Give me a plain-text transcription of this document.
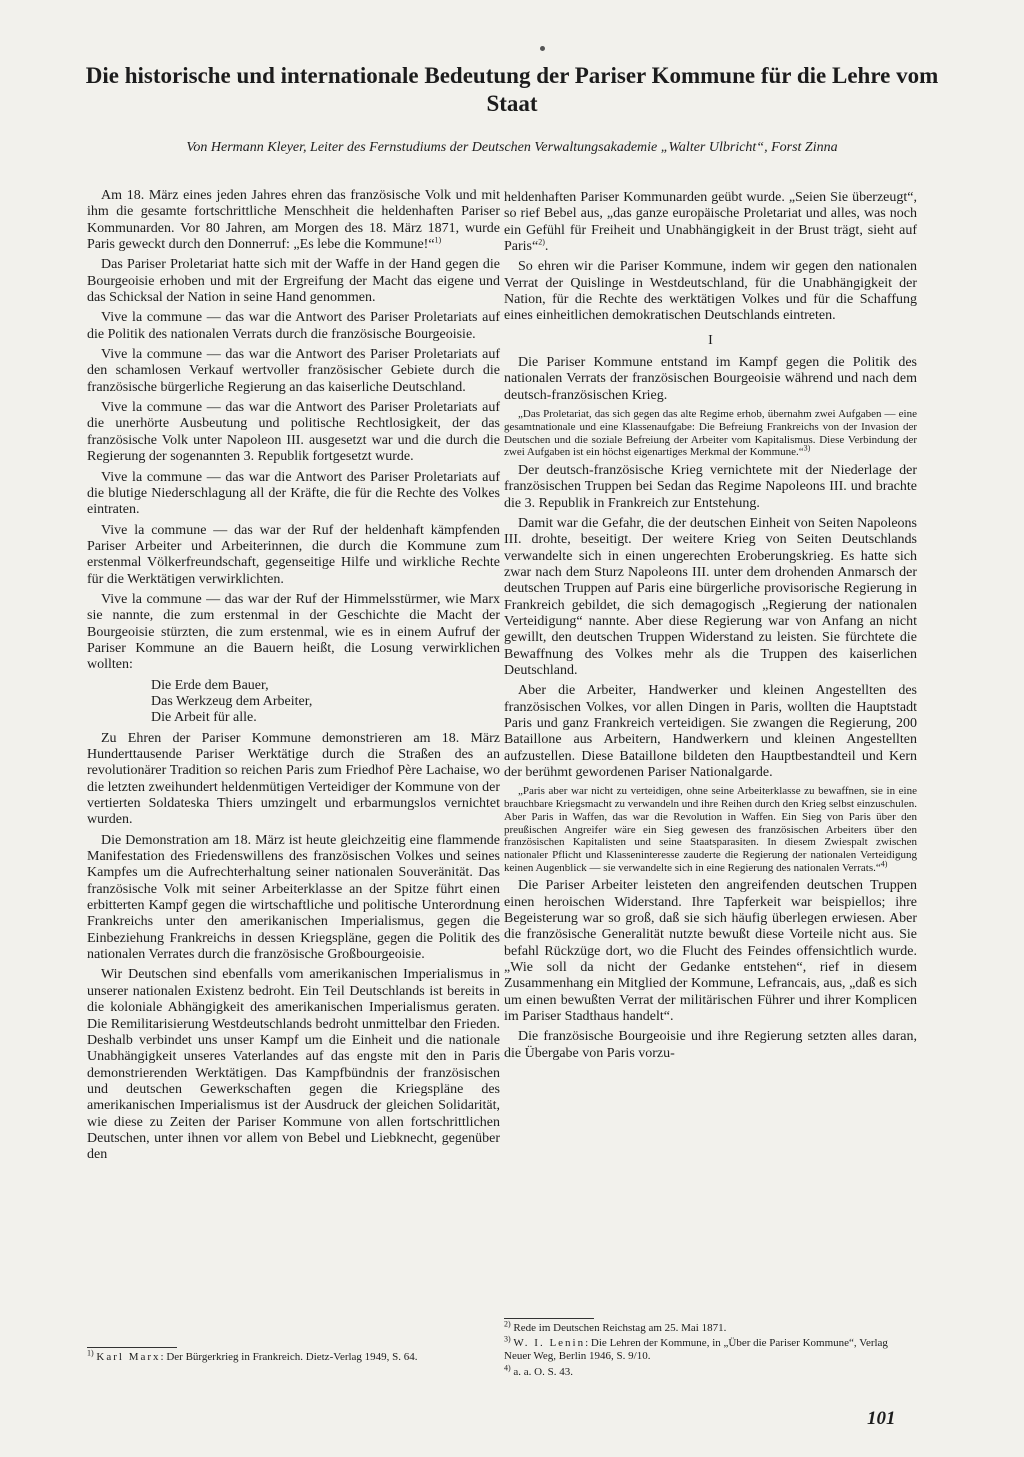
Die historische und internationale Bedeutung der Pariser Kommune für die Lehre vom Staat
Von Hermann Kleyer, Leiter des Fernstudiums der Deutschen Verwaltungsakademie „Walter Ulbricht“, Forst Zinna

Am 18. März eines jeden Jahres ehren das französische Volk und mit ihm die gesamte fortschrittliche Menschheit die heldenhaften Pariser Kommunarden. Vor 80 Jahren, am Morgen des 18. März 1871, wurde Paris geweckt durch den Donnerruf: „Es lebe die Kommune!“$^{1)}$

Das Pariser Proletariat hatte sich mit der Waffe in der Hand gegen die Bourgeoisie erhoben und mit der Ergreifung der Macht das eigene und das Schicksal der Nation in seine Hand genommen.

Vive la commune — das war die Antwort des Pariser Proletariats auf die Politik des nationalen Verrats durch die französische Bourgeoisie.

Vive la commune — das war die Antwort des Pariser Proletariats auf den schamlosen Verkauf wertvoller französischer Gebiete durch die französische bürgerliche Regierung an das kaiserliche Deutschland.

Vive la commune — das war die Antwort des Pariser Proletariats auf die unerhörte Ausbeutung und politische Rechtlosigkeit, der das französische Volk unter Napoleon III. ausgesetzt war und die durch die Regierung der sogenannten 3. Republik fortgesetzt wurde.

Vive la commune — das war die Antwort des Pariser Proletariats auf die blutige Niederschlagung all der Kräfte, die für die Rechte des Volkes eintraten.

Vive la commune — das war der Ruf der heldenhaft kämpfenden Pariser Arbeiter und Arbeiterinnen, die durch die Kommune zum erstenmal Völkerfreundschaft, gegenseitige Hilfe und wirkliche Rechte für die Werktätigen verwirklichten.

Vive la commune — das war der Ruf der Himmelsstürmer, wie Marx sie nannte, die zum erstenmal in der Geschichte die Macht der Bourgeoisie stürzten, die zum erstenmal, wie es in einem Aufruf der Pariser Kommune an die Bauern heißt, die Losung verwirklichen wollten:

Die Erde dem Bauer,
Das Werkzeug dem Arbeiter,
Die Arbeit für alle.

Zu Ehren der Pariser Kommune demonstrieren am 18. März Hunderttausende Pariser Werktätige durch die Straßen des an revolutionärer Tradition so reichen Paris zum Friedhof Père Lachaise, wo die letzten zweihundert heldenmütigen Verteidiger der Kommune von der vertierten Soldateska Thiers umzingelt und erbarmungslos vernichtet wurden.

Die Demonstration am 18. März ist heute gleichzeitig eine flammende Manifestation des Friedenswillens des französischen Volkes und seines Kampfes um die Aufrechterhaltung seiner nationalen Souveränität. Das französische Volk mit seiner Arbeiterklasse an der Spitze führt einen erbitterten Kampf gegen die wirtschaftliche und politische Unterordnung Frankreichs unter den amerikanischen Imperialismus, gegen die Einbeziehung Frankreichs in dessen Kriegspläne, gegen die Politik des nationalen Verrates durch die französische Großbourgeoisie.

Wir Deutschen sind ebenfalls vom amerikanischen Imperialismus in unserer nationalen Existenz bedroht. Ein Teil Deutschlands ist bereits in die koloniale Abhängigkeit des amerikanischen Imperialismus geraten. Die Remilitarisierung Westdeutschlands bedroht unmittelbar den Frieden. Deshalb verbindet uns unser Kampf um die Einheit und die nationale Unabhängigkeit unseres Vaterlandes auf das engste mit den in Paris demonstrierenden Werktätigen. Das Kampfbündnis der französischen und deutschen Gewerkschaften gegen die Kriegspläne des amerikanischen Imperialismus ist der Ausdruck der gleichen Solidarität, wie diese zu Zeiten der Pariser Kommune von allen fortschrittlichen Deutschen, unter ihnen vor allem von Bebel und Liebknecht, gegenüber den

$^{1)}$ Karl Marx: Der Bürgerkrieg in Frankreich. Dietz-Verlag 1949, S. 64.

heldenhaften Pariser Kommunarden geübt wurde. „Seien Sie überzeugt“, so rief Bebel aus, „das ganze europäische Proletariat und alles, was noch ein Gefühl für Freiheit und Unabhängigkeit in der Brust trägt, sieht auf Paris“$^{2)}$.

So ehren wir die Pariser Kommune, indem wir gegen den nationalen Verrat der Quislinge in Westdeutschland, für die Unabhängigkeit der Nation, für die Rechte des werktätigen Volkes und für die Schaffung eines einheitlichen demokratischen Deutschlands eintreten.

I

Die Pariser Kommune entstand im Kampf gegen die Politik des nationalen Verrats der französischen Bourgeoisie während und nach dem deutsch-französischen Krieg.

„Das Proletariat, das sich gegen das alte Regime erhob, übernahm zwei Aufgaben — eine gesamtnationale und eine Klassenaufgabe: Die Befreiung Frankreichs von der Invasion der Deutschen und die soziale Befreiung der Arbeiter vom Kapitalismus. Diese Verbindung der zwei Aufgaben ist ein höchst eigenartiges Merkmal der Kommune.“$^{3)}$

Der deutsch-französische Krieg vernichtete mit der Niederlage der französischen Truppen bei Sedan das Regime Napoleons III. und brachte die 3. Republik in Frankreich zur Entstehung.

Damit war die Gefahr, die der deutschen Einheit von Seiten Napoleons III. drohte, beseitigt. Der weitere Krieg von Seiten Deutschlands verwandelte sich in einen ungerechten Eroberungskrieg. Es hatte sich zwar nach dem Sturz Napoleons III. unter dem drohenden Anmarsch der deutschen Truppen auf Paris eine bürgerliche provisorische Regierung in Frankreich gebildet, die sich demagogisch „Regierung der nationalen Verteidigung“ nannte. Aber diese Regierung war von Anfang an nicht gewillt, den deutschen Truppen Widerstand zu leisten. Sie fürchtete die Bewaffnung des Volkes mehr als die Truppen des kaiserlichen Deutschland.

Aber die Arbeiter, Handwerker und kleinen Angestellten des französischen Volkes, vor allen Dingen in Paris, wollten die Hauptstadt Paris und ganz Frankreich verteidigen. Sie zwangen die Regierung, 200 Bataillone aus Arbeitern, Handwerkern und kleinen Angestellten aufzustellen. Diese Bataillone bildeten den Hauptbestandteil und Kern der berühmt gewordenen Pariser Nationalgarde.

„Paris aber war nicht zu verteidigen, ohne seine Arbeiterklasse zu bewaffnen, sie in eine brauchbare Kriegsmacht zu verwandeln und ihre Reihen durch den Krieg selbst einzuschulen. Aber Paris in Waffen, das war die Revolution in Waffen. Ein Sieg von Paris über den preußischen Angreifer wäre ein Sieg gewesen des französischen Arbeiters über den französischen Kapitalisten und seine Staatsparasiten. In diesem Zwiespalt zwischen nationaler Pflicht und Klasseninteresse zauderte die Regierung der nationalen Verteidigung keinen Augenblick — sie verwandelte sich in eine Regierung des nationalen Verrats.“$^{4)}$

Die Pariser Arbeiter leisteten den angreifenden deutschen Truppen einen heroischen Widerstand. Ihre Tapferkeit war beispiellos; ihre Begeisterung war so groß, daß sie sich häufig überlegen erwiesen. Aber die französische Generalität nutzte bewußt diese Vorteile nicht aus. Sie befahl Rückzüge dort, wo die Flucht des Feindes offensichtlich wurde. „Wie soll da nicht der Gedanke entstehen“, rief in diesem Zusammenhang ein Mitglied der Kommune, Lefrancais, aus, „daß es sich um einen bewußten Verrat der militärischen Führer und ihrer Komplicen im Pariser Stadthaus handelt“.

Die französische Bourgeoisie und ihre Regierung setzten alles daran, die Übergabe von Paris vorzu-

$^{2)}$ Rede im Deutschen Reichstag am 25. Mai 1871.
$^{3)}$ W. I. Lenin: Die Lehren der Kommune, in „Über die Pariser Kommune“, Verlag Neuer Weg, Berlin 1946, S. 9/10.
$^{4)}$ a. a. O. S. 43.
101
